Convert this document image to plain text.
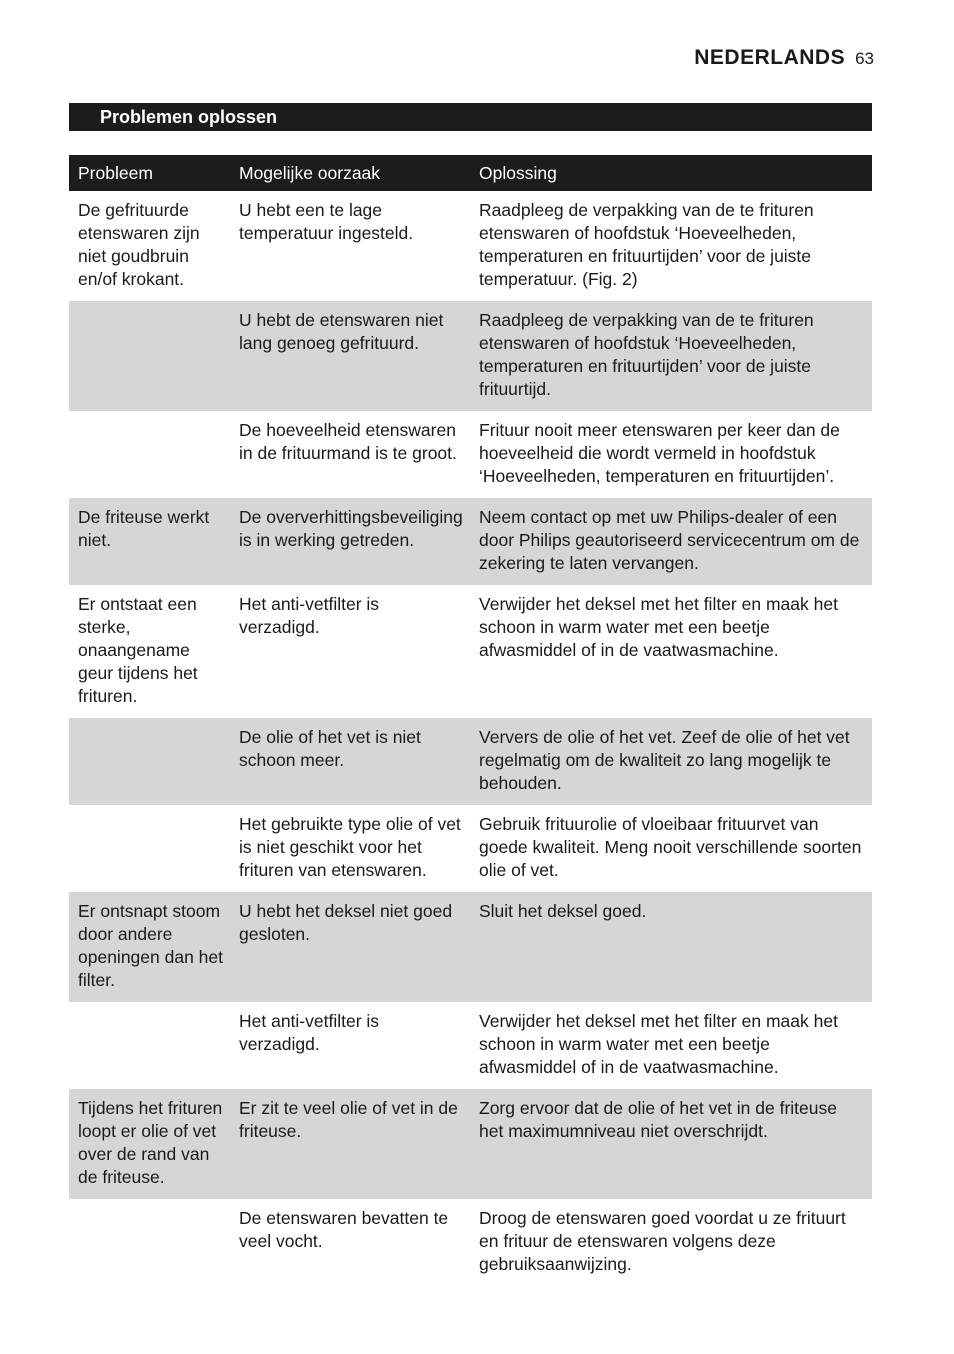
NEDERLANDS 63
Problemen oplossen
Probleem	Mogelijke oorzaak	Oplossing
De gefrituurde etenswaren zijn niet goudbruin en/of krokant.	U hebt een te lage temperatuur ingesteld.	Raadpleeg de verpakking van de te frituren etenswaren of hoofdstuk ‘Hoeveelheden, temperaturen en frituurtijden’ voor de juiste temperatuur. (Fig. 2)
	U hebt de etenswaren niet lang genoeg gefrituurd.	Raadpleeg de verpakking van de te frituren etenswaren of hoofdstuk ‘Hoeveelheden, temperaturen en frituurtijden’ voor de juiste frituurtijd.
	De hoeveelheid etenswaren in de frituurmand is te groot.	Frituur nooit meer etenswaren per keer dan de hoeveelheid die wordt vermeld in hoofdstuk ‘Hoeveelheden, temperaturen en frituurtijden’.
De friteuse werkt niet.	De oververhittingsbeveiliging is in werking getreden.	Neem contact op met uw Philips-dealer of een door Philips geautoriseerd servicecentrum om de zekering te laten vervangen.
Er ontstaat een sterke, onaangename geur tijdens het frituren.	Het anti-vetfilter is verzadigd.	Verwijder het deksel met het filter en maak het schoon in warm water met een beetje afwasmiddel of in de vaatwasmachine.
	De olie of het vet is niet schoon meer.	Ververs de olie of het vet. Zeef de olie of het vet regelmatig om de kwaliteit zo lang mogelijk te behouden.
	Het gebruikte type olie of vet is niet geschikt voor het frituren van etenswaren.	Gebruik frituurolie of vloeibaar frituurvet van goede kwaliteit. Meng nooit verschillende soorten olie of vet.
Er ontsnapt stoom door andere openingen dan het filter.	U hebt het deksel niet goed gesloten.	Sluit het deksel goed.
	Het anti-vetfilter is verzadigd.	Verwijder het deksel met het filter en maak het schoon in warm water met een beetje afwasmiddel of in de vaatwasmachine.
Tijdens het frituren loopt er olie of vet over de rand van de friteuse.	Er zit te veel olie of vet in de friteuse.	Zorg ervoor dat de olie of het vet in de friteuse het maximumniveau niet overschrijdt.
	De etenswaren bevatten te veel vocht.	Droog de etenswaren goed voordat u ze frituurt en frituur de etenswaren volgens deze gebruiksaanwijzing.
